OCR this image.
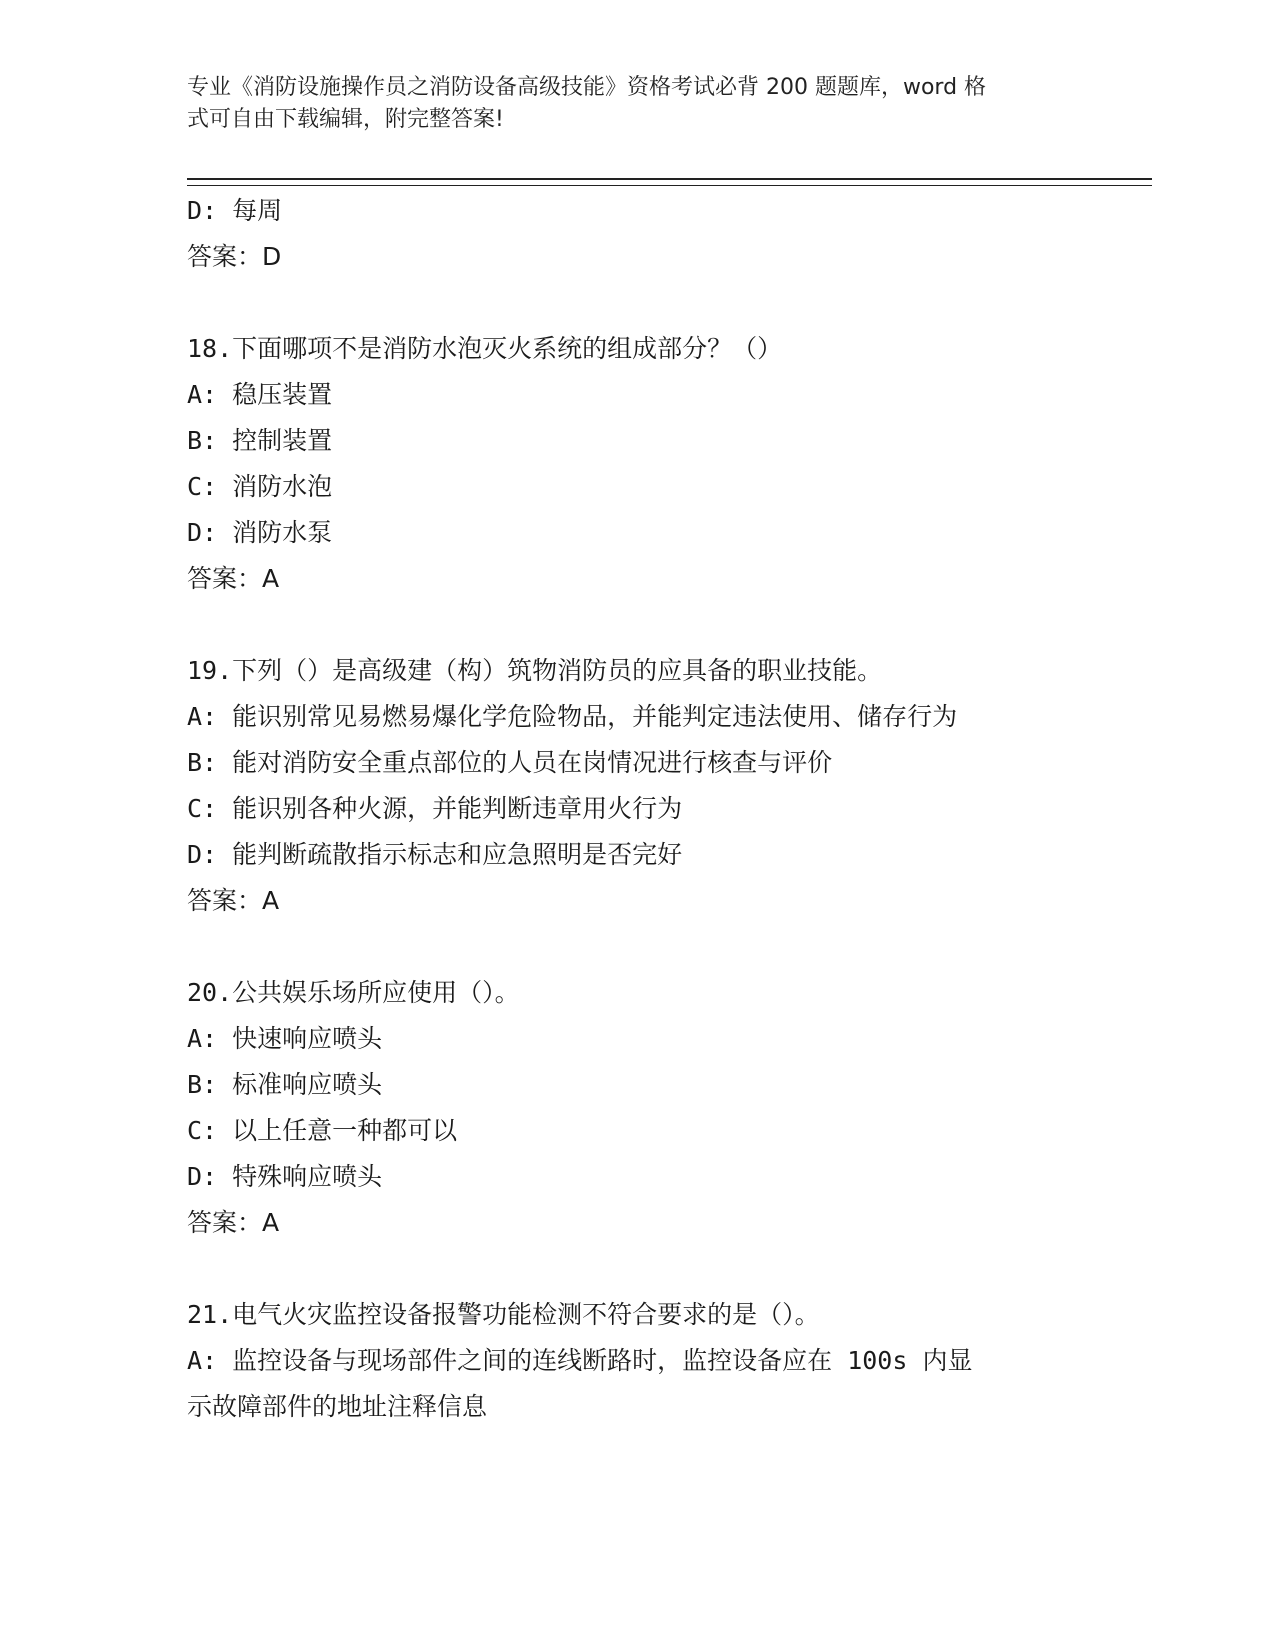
专业《消防设施操作员之消防设备高级技能》资格考试必背 200 题题库，word 格
式可自由下载编辑，附完整答案!
D: 每周
答案：D
18.下面哪项不是消防水泡灭火系统的组成部分？（）
A: 稳压装置
B: 控制装置
C: 消防水泡
D: 消防水泵
答案：A
19.下列（）是高级建（构）筑物消防员的应具备的职业技能。
A: 能识别常见易燃易爆化学危险物品，并能判定违法使用、储存行为
B: 能对消防安全重点部位的人员在岗情况进行核查与评价
C: 能识别各种火源，并能判断违章用火行为
D: 能判断疏散指示标志和应急照明是否完好
答案：A
20.公共娱乐场所应使用（）。
A: 快速响应喷头
B: 标准响应喷头
C: 以上任意一种都可以
D: 特殊响应喷头
答案：A
21.电气火灾监控设备报警功能检测不符合要求的是（）。
A: 监控设备与现场部件之间的连线断路时，监控设备应在 100s 内显
示故障部件的地址注释信息
